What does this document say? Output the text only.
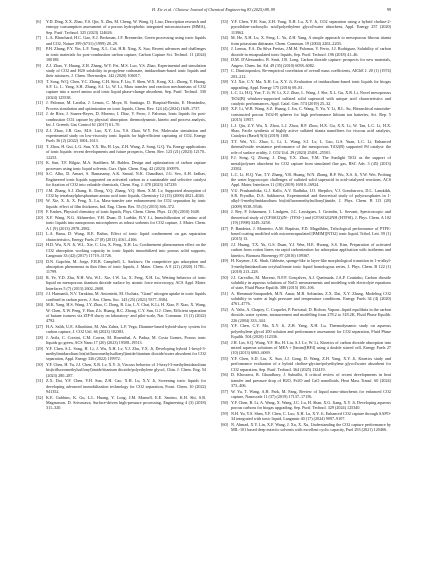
H. Xie et al. / Chinese Journal of Chemical Engineering 83 (2025) 88–99	99
[6] Y.D. Ding, X.X. Zhao, Y.S. Qin, X. Zhu, M. Cheng, W. Wang, Q. Liao, Description research and entropy consumption assessment of a porous hydrophobic integrated microstructures (MMA), Sep. Purif. Technol. 325 (2023) 124626.
[7] L.A. Blanchard, H.C. Gao, E.J. Beckman, J.F. Brennecke, Green processing using ionic liquids and CO2, Nature 399 (6731) (1999) 28–29.
[8] P.H. Zhang, P.Y. Yin, L.F. Yang, X.L. Cui, H.B. Xing, X. Suo, Recent advances and challenges in ionic materials for post-combustion carbon capture, Carbon Capture Sci. Technol. 11 (2024) 100188.
[9] Z.J. Zhao, Y. Huang, Z.H. Zhang, W.Y. Fei, M.S. Luo, Y.S. Zhao, Experimental and simulation study of CO2 and H2S solubility in propylene carbonate, imidazolium-based ionic liquids and their mixtures, J. Chem. Thermodyn. 142 (2020) 106017.
[10] T. Song, W.Q. Chen, Y.C. Zhang, C.H. Sitta, F. Liu, Y. Shen, W.X. Kong, X.L. Zhong, Y. Huang, S.F. Li, L. Yang, S.H. Zhang, S.J. Li, W. Li, Mass transfer and reaction mechanisms of CO2 capture into a novel amino acid ionic liquid phase-change absorbent, Sep. Purif. Technol. 330 (2024) 125538.
[11] J. Palomar, M. Larriba, J. Lemus, C. Moya, R. Santiago, D. Hospital-Benito, E. Hernández, Process simulation and optimization on ionic liquids, Chem. Rev. 124 (4) (2024) 1649–1737.
[12] J. de Riva, J. Suarez-Reyes, D. Moreno, I. Díaz, V. Ferro, J. Palomar, Ionic liquids for post-combustion CO2 capture by physical absorption: thermodynamic, kinetic and process analysis, Int. J. Greenh. Gas Control 61 (2017) 61–70.
[13] Z.J. Zhao, J.B. Gao, M.S. Luo, X.Y. Liu, Y.S. Zhao, W.Y. Fei, Molecular simulation and experimental study on low-viscosity ionic liquids for high-efficient capturing of CO2, Energy Fuels 36 (2) (2022) 1604–1613.
[14] T. Zhou, H. Gui, L.G. Sun, Y.X. Hu, H. Lyu, Z.H. Wang, Z. Song, G.Q. Yu, Energy applications of ionic liquids: recent developments and future prospects, Chem. Rev. 123 (21) (2023) 12170–12253.
[15] K. Sun, T.F. Bilgaz, M.A. Stadtherr, M. Baldea, Design and optimization of carbon capture processes using ionic liquid solvents, Curr. Opin. Chem. Eng. 42 (2023) 100976.
[16] S.C. Albo, D. Ansari, S. Ramasamy, A.K. Samal, N.K. Chaudhari, J.G. Seo, A.H. Jadhav, Engineered ionic liquids supported on activated carbon as a sustainable and selective catalyst for fixation of CO2 into valuable chemicals, Chem. Eng. J. 478 (2023) 147239.
[17] J.M. Zhang, S.J. Zhang, K. Dong, Y.Q. Zhang, Y.Q. Shen, X.M. Lv, Supported absorption of CO2 by tetrabutylphosphonium amino acid ionic liquids, Chemistry 12 (15) (2006) 4021–4026.
[18] W. Xie, X. Ji, X. Feng, X. Lu, Mass-transfer rate enhancement for CO2 separation by ionic liquids: effect of film thickness, Ind. Eng. Chem. Res. 55 (1) (2015) 366–372.
[19] F. Endres, Physical chemistry of ionic liquids, Phys. Chem. Chem. Phys. 12 (8) (2010) 1648.
[20] X.F. Wang, N.G. Akhmedov, Y.H. Duan, D. Luebke, B.Y. Li, Immobilization of amino acid ionic liquids into nanoporous microspheres as robust sorbents for CO2 capture, J. Mater. Chem. A 1 (9) (2013) 2978–2982.
[21] L.A. Banu, D. Wang, R.E. Baltus, Effect of ionic liquid confinement on gas separation characteristics, Energy Fuels 27 (8) (2013) 4161–4166.
[22] H.D. Wu, X.N. Ji, W.L. Xie, C. Liu, X. Feng, X.H. Lu, Confinement phenomenon effect on the CO2 absorption working capacity in ionic liquids immobilized into porous solid supports, Langmuir 33 (42) (2017) 11719–11726.
[23] D.N. Gapchin, M. Jorge, F.R.B. Campbell, L. Sarkisov, On competitive gas adsorption and absorption phenomena in thin films of ionic liquids, J. Mater. Chem. A 8 (21) (2020) 11781–11799.
[24] R. Ye, Y.D. Zhu, N.H. Wu, W.L. Xie, J.W. Lu, X. Feng, X.H. Lu, Wetting behavior of ionic liquid on mesoporous titanium dioxide surface by atomic force microscopy, ACS Appl. Mater. Interfaces 5 (7) (2013) 2602–2608.
[25] J.I. Harmanli, N.V. Tarakina, M. Antonietti, M. Oschatz, "Giant" nitrogen uptake in ionic liquids confined in carbon pores, J. Am. Chem. Soc. 143 (25) (2021) 9377–9384.
[26] M.K. Yang, H.S. Wang, J.Y. Zhao, C. Dong, B. Liu, L.Y. Chai, K.Li, H. Xiao, P. Xiao, X. Wang, W. Chen, X.W. Peng, Y. Han, Z.h. Huang, R.C. Zhong, C.Y. Sun, G.J. Chen, Efficient separation of butane isomers via ZIF-8 slurry on laboratory- and pilot-scale, Nat. Commun. 13 (1) (2022) 4792.
[27] H.A. Salih, U.E. Alhashimi, M. Abu Zahra, L.F. Vega, Diamine-based hybrid-slurry system for carbon capture, J. CO2 Util. 66 (2023) 102383.
[28] J. Avila, C. Corsini, C.M. Correa, M. Rosenthal, A. Padua, M. Costa Gomes, Porous ionic liquids go green, ACS Nano 17 (20) (2023) 19508–19513.
[29] Y.F. Chen, S.L. Song, H. Li, J. Wu, X.H. Lv, Y.J. Zhu, Y.X. Ji, Developing hybrid 1-hexyl-3-methylimidazolium bis(trifluoromethylsulfonyl)imide/titanium dioxide/water absorbent for CO2 separation, Appl. Energy 326 (2022) 119972.
[30] Y.F. Chen, H. Yu, J.J. Chen, X.R. Lv, X.Y. Ji, Viscous behavior of 1-hexyl-3-methylimidazolium bis(trifluoromethylsulfonyl)imide/titanium dioxide/polyethylene glycol, Chin. J. Chem. Eng. 54 (2023) 280–287.
[31] Z.X. Dai, Y.F. Chen, Y.H. Sun, Z.H. Cao, X.H. Lu, X.Y. Ji, Screening ionic liquids for developing advanced immobilization technology for CO2 separation, Front. Chem. 10 (2022) 941352.
[32] K.E. Gubbins, K. Gu, L.L. Huang, Y. Long, J.M. Mansell, E.E. Santiso, K.H. Shi, S.B. Magnusson, D. Srivastava, Surface-driven high-pressure processing, Engineering 4 (3) (2018) 311–320.
[33] Y.F. Chen, Y.H. Sun, Z.H. Yang, X.H. Lu, X.Y. Ji, CO2 separation using a hybrid choline-2-pyrrolidine-carboxylic acid/polyethylene glycol/water absorbent, Appl. Energy 257 (2020) 113962.
[34] M. He, X.H. Lu, X. Feng, L. Yu, Z.H. Yang, A simple approach to mesoporous fibrous titania from potassium dititanate, Chem. Commun. 19 (2004) 2202–2203.
[35] J. Lemus, F.A. Da Silva Freitas, J.M.M. Palomar, V. Ferro, J.J. Rodriguez, Solubility of carbon dioxide in encapsulated ionic liquids, Sep. Purif. Technol. 196 (2018) 41–46.
[36] D.M. D'Alessandro, B. Smit, J.R. Long, Carbon dioxide capture: prospects for new materials, Angew. Chem. Int. Ed. 49 (35) (2010) 6058–6082.
[37] C. Dimitropoulos, Re-empirical correlation of overall mass coefficients, AIChE J. 20 (1) (1974) 203–212.
[38] Y.J. Xie, C.Y. Ma, X.H. Lu, X.Y. Ji, Evaluation of imidazolium-based ionic liquids for biogas upgrading, Appl. Energy 175 (2016) 69–81.
[39] L.C. Li, H.Q. Yue, T. Ji, W. Li, X.J. Zhao, L. Wang, J. She, X.L. Gu, X.R. Li, Novel mesoporous TiO2(B) whiskers-supported sulfated solid superacid with unique acid characteristics and catalytic performances, Appl. Catal. Gen. 574 (2019) 25–32.
[40] X.F. Li, W.B. Wang, S.Z. Huang, J. Jin, C. Wang, Y. Yu, Y. Li, B.L. Su, Hierarchical nanotube-constructed porous TiO2-B spheres for high performance lithium ion batteries, Sci. Rep. 5 (2015) 11957.
[41] L.J. Qiu, Z.Y. Wu, X. Zhou, L.J. Zhou, B.P. Zhou, H.X. Gu, X.X. Li, W. Tan, L.C. Li, H.X. Shao, Facile synthesis of highly active sulfated titania nanofibers for viscous acid catalysis, Catalysts (Basel) 9(3) (2019) 1168.
[42] T.T. Wei, Y.L. Zhao, L. Li, L. Wang, S.J. Lv, L. Gao, G.S. Yuan, L.C. Li, Enhanced thermal/oxide resistance performance of the mesoporous TiO2(B) supported Pd catalyst: the role of surface acidity, J. CO2 Util. 29 (2023) 25491–25501.
[43] F.J. Song, Q. Zhong, J. Ding, Y.X. Zhao, Y.M. The Sunlight TiO2 as the support of metal/polymer absorbent for CO2 capture from simulated flue gas, RSC Adv. 3 (45) (2013) 23502.
[44] L.C. Li, H.Q. Yue, T.Y. Zhang, Y.B. Huang, W.N. Zhang, B.P. Wu, X.S. Ji, Y.W. Wei, Probing the water hygroscopic challenges of sulfated solid superacid in acid-catalyzed reactions, ACS Appl. Mater. Interfaces 11 (18) (2019) 16910–16924.
[45] V.U. Prashanthika, G.J. Kallo, A.V. Radhika, I.O. Shepilov, V.J. Goncharova, D.L. Lanskikh, S.R. Pryadko, D.A. Sakharova, Experimental and theoretical study of polyoxosphates in 1-alkyl-3-methylimidazolium bis(trifluoromethylsulfonyl)imide, J. Phys. Chem. B 113 (28) (2009) 9538–9546.
[46] J. Rey, P. Johannsen, J. Lindgren, J.C. Lassègues, J. Grondin, L. Servant, Spectroscopic and theoretical study of (CF3SO2)2N− (TFSI−) and (CF3SO2)2NH (HTFSI), J. Phys. Chem. A 102 (19) (1998) 3249–3258.
[47] P. Bandetra, J. Monteiro, A.M. Baptista, F.D. Magalhães, Tribological performance of PTFE-based coating modified with microencapsulated [BMIM][NTf2] ionic liquid, Tribol. Lett. 59 (1) (2015) 13.
[48] J.J. Huang, T.X. Yu, G.S. Duan, Y.J. Wen, H.E. Hwang, S.S. Kim, Preparation of activated carbon from cotton liners via rapid carbonization for adsorption application with isotherms and kinetics, Biomass Bioenergy 87 (2016) 109367.
[49] H. Kuymer, J.K. Shah, Gibbsite, sponge-like to layer-like morphological transition in 1-n-alkyl-3-methylimidazolium octylsulfonate ionic liquid homologous series, J. Phys. Chem. B 122 (1) (2018) 213–228.
[50] J.J. Carvalho, M. Moreno, N.F.P. Gonçalves, A.J. Queimada, J.A.P. Coutinho, Carbon dioxide solubility in aqueous solutions of NaCl: measurements and modeling with electrolyte equations of state, Fluid Phase Equilib. 388 (2015) 100–106.
[51] A. Hemmati-Sarapardeh, M.N. Amar, M.R. Soltanian, Z.X. Dai, X.Y. Zhang, Modeling CO2 solubility in water at high pressure and temperature conditions, Energy Fuels 34 (4) (2020) 4761–4776.
[52] A. Valtz, A. Chapoy, C. Coquelet, P. Paricaud, D. Richon, Vapour–liquid equilibria in the carbon dioxide–water system, measurement and modelling from 278.2 to 318.2K, Fluid Phase Equilib. 226 (2004) 333–344.
[53] Y.F. Chen, C.Y. Ma, X.Y. Ji, Z.H. Yang, X.H. Lu, Thermodynamic study on aqueous polyethylene glycol 200 solution and performance assessment for CO2 separation, Fluid Phase Equilib. 504 (2020) 112336.
[54] J.H. Lin, S.Q. Wang, Y.F. Hu, H. Liu, S.J. Lv, W. Li, Kinetics of carbon dioxide absorption into mixed aqueous solutions of MEA + [bmim][BF4] using a double stirred cell, Energy Fuels 27 (10) (2013) 6063–6069.
[55] Y.F. Chen, S.D. Liu, X. Sun, J.J. Gong, D. Wang, Z.H. Yang, X.Y. Ji, Kinetics study and performance evaluation of a hybrid choline-glycine/polyethylene glycol/water absorbent for CO2 separation, Sep. Purif. Technol. 364 (2025) 132419.
[56] D. Khosrava, R. Ghoudbary, J. Subudhi, A critical review of recent developments in heat transfer and pressure drop of H2O, Fe2O and CaO nanofluids, Heat Mass Transf. 60 (2024) 373–406.
[57] W. Yu, T. Wang, A.H. Park, M. Fang, Review of liquid nano-absorbents for enhanced CO2 capture, Nanoscale 11 (37) (2019) 17137–17156.
[58] Y.F. Chen, B. Li, A. Wang, X. Wang, J.C. Lu, H. Shan, X.G. Jiang, X.Y. Ji, Developing aqueous porous carbons for biogas upgrading, Sep. Purif. Technol. 329 (2024) 125340.
[59] N.H. Yu, Y.S. Shen, Y.F. Chen, C. Luo, X.H. Lu, X.Y. Ji, Enhanced CO2 capture through SAPO-34 integrated with ionic liquid, Langmuir 40 (17) (2024) 9097–9107.
[60] N. Ahmad, X.Y. Lin, X.F. Wang, J. Xu, X. Xu, Understanding the CO2 capture performance by MIL-101 based deep eutectic solvents with excellent cyclic capacity, Fuel 293 (2021) 120466.
